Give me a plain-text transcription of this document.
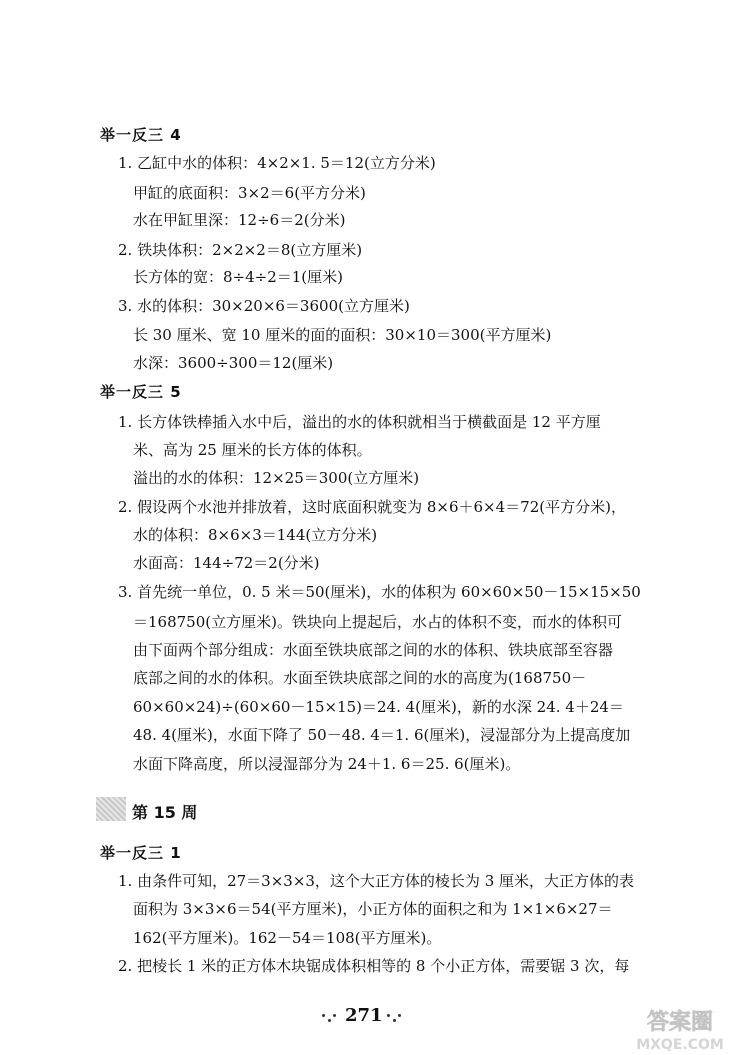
举一反三 4
1. 乙缸中水的体积：4×2×1. 5＝12(立方分米)
甲缸的底面积：3×2＝6(平方分米)
水在甲缸里深：12÷6＝2(分米)
2. 铁块体积：2×2×2＝8(立方厘米)
长方体的宽：8÷4÷2＝1(厘米)
3. 水的体积：30×20×6＝3600(立方厘米)
长 30 厘米、宽 10 厘米的面的面积：30×10＝300(平方厘米)
水深：3600÷300＝12(厘米)
举一反三 5
1. 长方体铁棒插入水中后，溢出的水的体积就相当于横截面是 12 平方厘
米、高为 25 厘米的长方体的体积。
溢出的水的体积：12×25＝300(立方厘米)
2. 假设两个水池并排放着，这时底面积就变为 8×6＋6×4＝72(平方分米)，
水的体积：8×6×3＝144(立方分米)
水面高：144÷72＝2(分米)
3. 首先统一单位，0. 5 米＝50(厘米)，水的体积为 60×60×50－15×15×50
＝168750(立方厘米)。铁块向上提起后，水占的体积不变，而水的体积可
由下面两个部分组成：水面至铁块底部之间的水的体积、铁块底部至容器
底部之间的水的体积。水面至铁块底部之间的水的高度为(168750－
60×60×24)÷(60×60－15×15)＝24. 4(厘米)，新的水深 24. 4＋24＝
48. 4(厘米)，水面下降了 50－48. 4＝1. 6(厘米)，浸湿部分为上提高度加
水面下降高度，所以浸湿部分为 24＋1. 6＝25. 6(厘米)。
第 15 周
举一反三 1
1. 由条件可知，27＝3×3×3，这个大正方体的棱长为 3 厘米，大正方体的表
面积为 3×3×6＝54(平方厘米)，小正方体的面积之和为 1×1×6×27＝
162(平方厘米)。162－54＝108(平方厘米)。
2. 把棱长 1 米的正方体木块锯成体积相等的 8 个小正方体，需要锯 3 次，每
271	答案圈
MXQE.COM
